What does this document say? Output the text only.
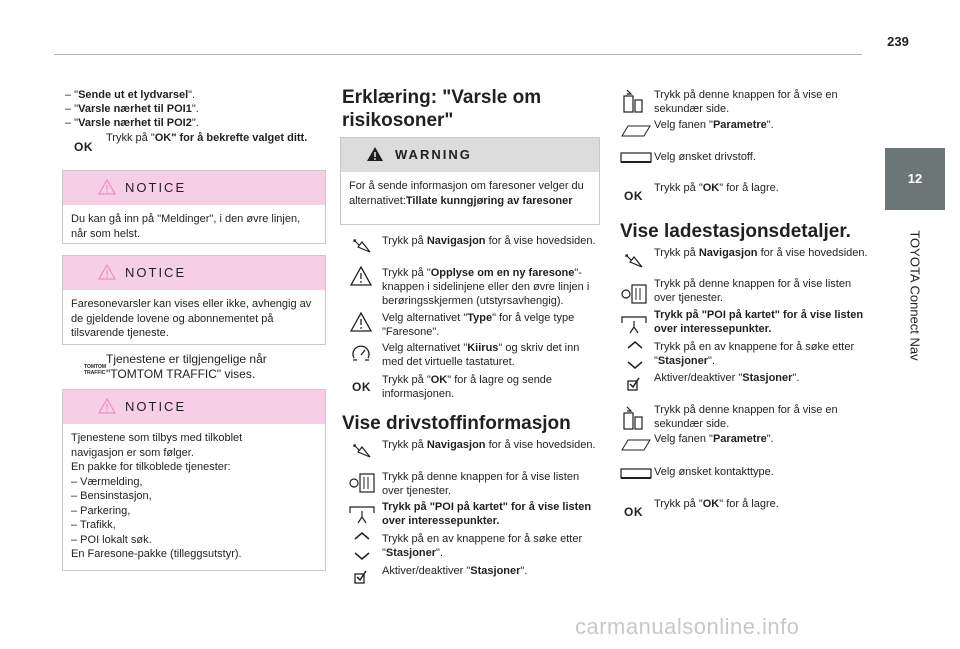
239
12
TOYOTA Connect Nav
– "Sende ut et lydvarsel".
– "Varsle nærhet til POI1".
– "Varsle nærhet til POI2".
OK
Trykk på "OK" for å bekrefte valget ditt.
NOTICE
Du kan gå inn på "Meldinger", i den øvre linjen, når som helst.
NOTICE
Faresonevarsler kan vises eller ikke, avhengig av de gjeldende lovene og abonnementet på tilsvarende tjeneste.
TOMTOM
TRAFFIC
Tjenestene er tilgjengelige når "TOMTOM TRAFFIC" vises.
NOTICE
Tjenestene som tilbys med tilkoblet
navigasjon er som følger.
En pakke for tilkoblede tjenester:
– Værmelding,
– Bensinstasjon,
– Parkering,
– Trafikk,
– POI lokalt søk.
En Faresone-pakke (tilleggsutstyr).
Erklæring: "Varsle om risikosoner"
WARNING
For å sende informasjon om faresoner velger du alternativet:Tillate kunngjøring av faresoner
Trykk på Navigasjon for å vise hovedsiden.
Trykk på "Opplyse om en ny faresone"-knappen i sidelinjene eller den øvre linjen i berøringsskjermen (utstyrsavhengig).
Velg alternativet "Type" for å velge type "Faresone".
Velg alternativet "Kiirus" og skriv det inn med det virtuelle tastaturet.
OK Trykk på "OK" for å lagre og sende informasjonen.
Vise drivstoffinformasjon
Trykk på Navigasjon for å vise hovedsiden.
Trykk på denne knappen for å vise listen over tjenester.
Trykk på "POI på kartet" for å vise listen over interessepunkter.
Trykk på en av knappene for å søke etter "Stasjoner".
Aktiver/deaktiver "Stasjoner".
Trykk på denne knappen for å vise en sekundær side.
Velg fanen "Parametre".
Velg ønsket drivstoff.
OK
Trykk på "OK" for å lagre.
Vise ladestasjonsdetaljer.
Trykk på Navigasjon for å vise hovedsiden.
Trykk på denne knappen for å vise listen over tjenester.
Trykk på "POI på kartet" for å vise listen over interessepunkter.
Trykk på en av knappene for å søke etter "Stasjoner".
Aktiver/deaktiver "Stasjoner".
Trykk på denne knappen for å vise en sekundær side.
Velg fanen "Parametre".
Velg ønsket kontakttype.
OK
Trykk på "OK" for å lagre.
carmanualsonline.info
